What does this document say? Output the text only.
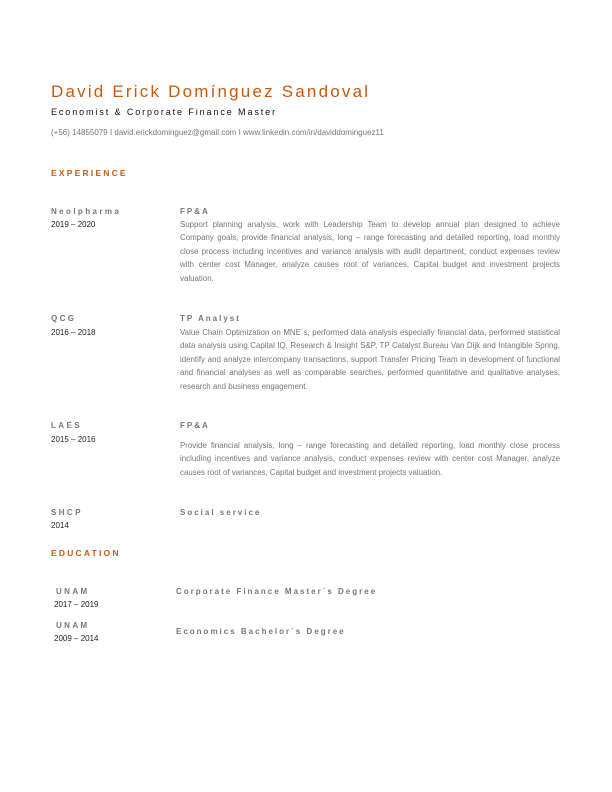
David Erick Domínguez Sandoval
Economist & Corporate Finance Master
(+56) 14855079 I david.erickdominguez@gmail.com I www.linkedin.com/in/daviddominguez11
EXPERIENCE
Neolpharma
2019 – 2020
FP&A
Support planning analysis, work with Leadership Team to develop annual plan designed to achieve Company goals, provide financial analysis, long – range forecasting and detailed reporting, load monthly close process including incentives and variance analysis with audit department, conduct expenses review with center cost Manager, analyze causes root of variances, Capital budget and investment projects valuation.
QCG
2016 – 2018
TP Analyst
Value Chain Optimization on MNE´s, performed data analysis especially financial data, performed statistical data analysis using Capital IQ, Research & Insight S&P, TP Catalyst Bureau Van Dijk and Intangible Spring, identify and analyze intercompany transactions, support Transfer Pricing Team in development of functional and financial analyses as well as comparable searches, performed quantitative and qualitative analyses, research and business engagement.
LAES
2015 – 2016
FP&A
Provide financial analysis, long – range forecasting and detailed reporting, load monthly close process including incentives and variance analysis, conduct expenses review with center cost Manager, analyze causes root of variances, Capital budget and investment projects valuation.
SHCP
2014
Social service
EDUCATION
UNAM
2017 – 2019
Corporate Finance Master´s Degree
UNAM
2009 – 2014
Economics Bachelor´s Degree
